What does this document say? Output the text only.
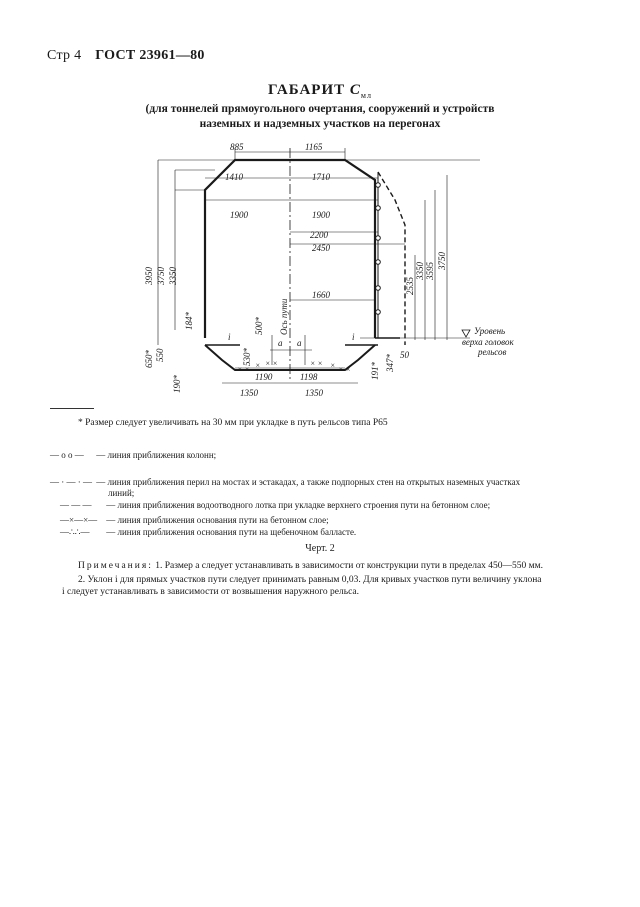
Стр 4 ГОСТ 23961—80
ГАБАРИТ $С_{мл}$
(для тоннелей прямоугольного очертания, сооружений и устройств
наземных и надземных участков на перегонах
× × × × ×	× × × × ×
885	1165
1410	1710
1900	1900
2200
2450
1660
Ось пути
3950 3750 3350
184*
650* 550
190*
500*
530*
a a
i	i
1190	1198
1350	1350
2535
3350 3595
3750
191* 347* 50
Уровень
верха головок
рельсов
* Размер следует увеличивать на 30 мм при укладке в путь рельсов типа Р65
— о о — — линия приближения колонн;
— · — · — — линия приближения перил на мостах и эстакадах, а также подпорных стен на открытых наземных участках
линий;
— — — — линия приближения водоотводного лотка при укладке верхнего строения пути на бетонном слое;
—×—×— — линия приближения основания пути на бетонном слое;
—∴∴— — линия приближения основания пути на щебеночном балласте.
Черт. 2
Примечания: 1. Размер a следует устанавливать в зависимости от конструкции пути в пределах 450—550 мм.
2. Уклон i для прямых участков пути следует принимать равным 0,03. Для кривых участков пути величину уклона
i следует устанавливать в зависимости от возвышения наружного рельса.
